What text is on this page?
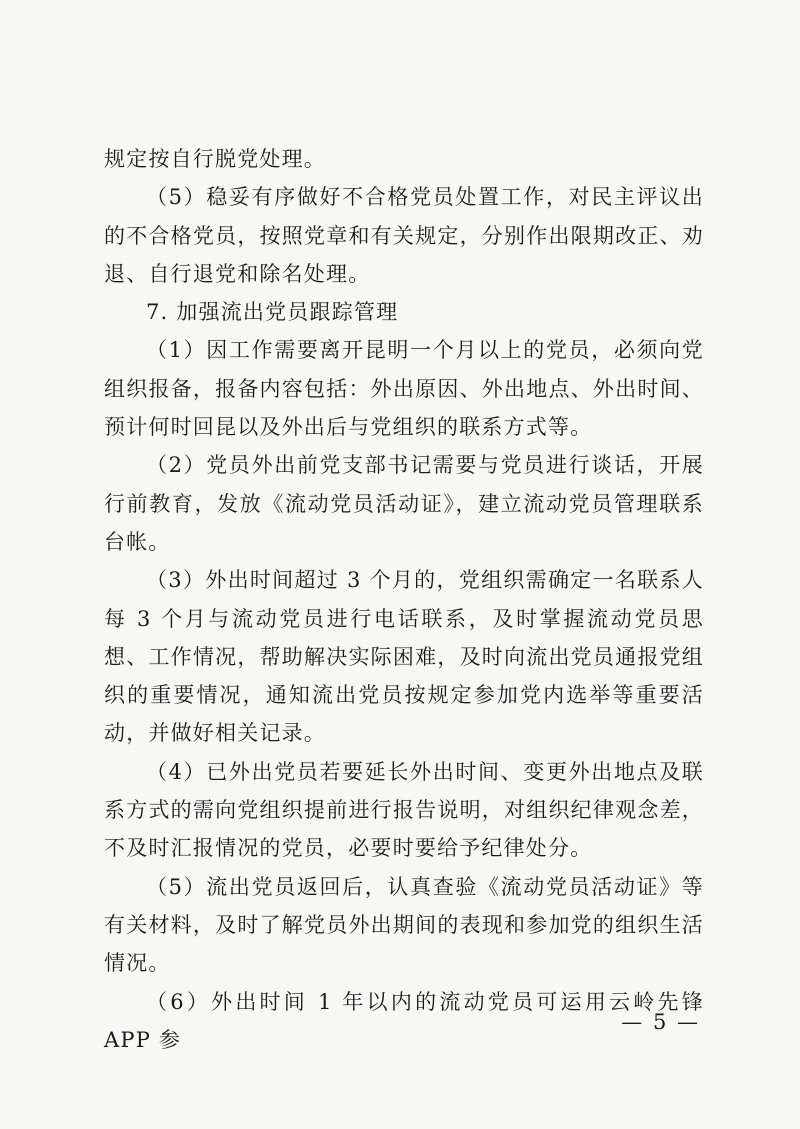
规定按自行脱党处理。

（5）稳妥有序做好不合格党员处置工作，对民主评议出的不合格党员，按照党章和有关规定，分别作出限期改正、劝退、自行退党和除名处理。

7. 加强流出党员跟踪管理

（1）因工作需要离开昆明一个月以上的党员，必须向党组织报备，报备内容包括：外出原因、外出地点、外出时间、预计何时回昆以及外出后与党组织的联系方式等。

（2）党员外出前党支部书记需要与党员进行谈话，开展行前教育，发放《流动党员活动证》，建立流动党员管理联系台帐。

（3）外出时间超过 3 个月的，党组织需确定一名联系人每 3 个月与流动党员进行电话联系，及时掌握流动党员思想、工作情况，帮助解决实际困难，及时向流出党员通报党组织的重要情况，通知流出党员按规定参加党内选举等重要活动，并做好相关记录。

（4）已外出党员若要延长外出时间、变更外出地点及联系方式的需向党组织提前进行报告说明，对组织纪律观念差，不及时汇报情况的党员，必要时要给予纪律处分。

（5）流出党员返回后，认真查验《流动党员活动证》等有关材料，及时了解党员外出期间的表现和参加党的组织生活情况。

（6）外出时间 1 年以内的流动党员可运用云岭先锋 APP 参

— 5 —
